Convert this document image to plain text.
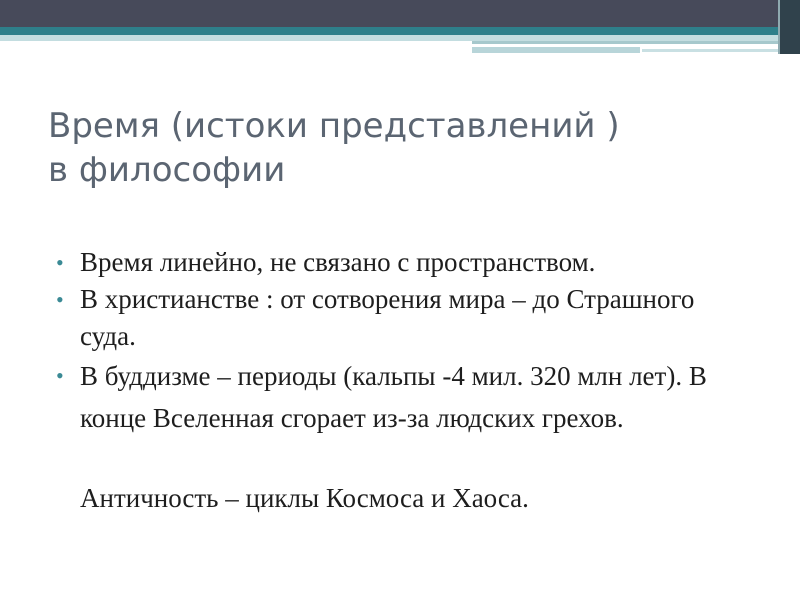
Время (истоки представлений )
в философии
• Время линейно, не связано с пространством.
• В христианстве : от сотворения мира – до Страшного суда.
• В буддизме – периоды (кальпы -4 мил. 320 млн лет). В конце Вселенная сгорает из-за людских грехов.
Античность – циклы Космоса и Хаоса.
